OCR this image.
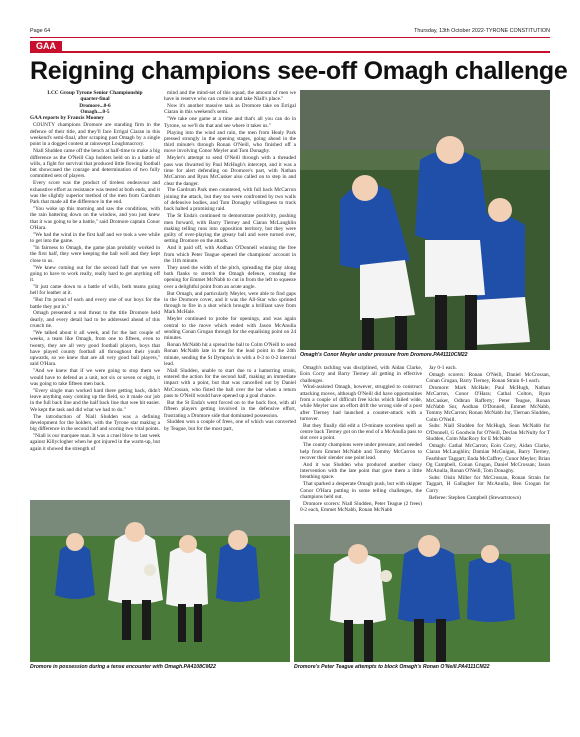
Page 64	Thursday, 13th October 2022-TYRONE CONSTITUTION
GAA
Reigning champions see-off Omagh challenge

LCC Group Tyrone Senior Championship

quarter-final

Dromore...0-6

Omagh....0-5

GAA reports by Francis Mooney

COUNTY champions Dromore are standing firm in the defence of their title, and they'll face Errigal Ciaran in this weekend's semi-final, after scraping past Omagh by a single point in a dogged contest at rainswept Loughmacrory.

Niall Sludden came off the bench at half-time to make a big difference as the O'Neill Cup holders held on in a battle of wills, a fight for survival that produced little flowing football but showcased the courage and determination of two fully committed sets of players.

Every score was the product of tireless endeavour and exhaustive effort as resistance was tested at both ends, and it was the slightly superior method of the men from Gardrum Park that made all the difference in the end.

"You woke up this morning and saw the conditions, with the rain battering down on the window, and you just knew that it was going to be a battle," said Dromore captain Conor O'Hara.

"We had the wind in the first half and we took a wee while to get into the game.

"In fairness to Omagh, the game plan probably worked in the first half, they were keeping the ball well and they kept close to us.

"We knew coming out for the second half that we were going to have to work really, really hard to get anything off it.

"It just came down to a battle of wills, both teams going hell for leather at it.

"But I'm proud of each and every one of our boys for the battle they put in."

Omagh presented a real threat to the title Dromore held dearly, and every detail had to be addressed ahead of this crunch tie.

"We talked about it all week, and for the last couple of weeks, a team like Omagh, from one to fifteen, even to twenty, they are all very good football players, boys that have played county football all throughout their youth upwards, so we knew that are all very good ball players," said O'Hara.

"And we knew that if we were going to stop them we would have to defend as a unit, not six or seven or eight, it was going to take fifteen men back.

"Every single man worked hard there getting back, didn't leave anything easy coming up the field, so it made our job in the full back line and the half back line that wee bit easier. We kept the task and did what we had to do."

The introduction of Niall Sludden was a defining development for the holders, with the Tyrone star making a big difference in the second half and scoring two vital points.

"Niall is our marquee man. It was a cruel blow to last week against Killyclogher when he got injured in the warm-up, but again it showed the strength of

mind and the mind-set of this squad, the amount of men we have in reserve who can come in and take Niall's place."

Now it's another massive task as Dromore take on Errigal Ciaran in this weekend's semi.

"We take one game at a time and that's all you can do in Tyrone, so we'll do that and see where it takes us."

Playing into the wind and rain, the men from Healy Park pressed strongly in the opening stages, going ahead in the third minute's through Ronan O'Neill, who finished off a move involving Conor Meyler and Tom Donaghy.

Meyler's attempt to send O'Neill through with a threaded pass was thwarted by Paul McHugh's intercept, and it was a time for alert defending on Dromore's part, with Nathan McCarron and Ryan McCusker also called on to step in and clear the danger.

The Gardrum Park men countered, with full back McCarron joining the attack, but they too were confronted by two walls of defensive bodies, and Tom Donaghy willingness to track back halted a promising raid.

The St Enda's continued to demonstrate positivity, pushing men forward, with Barry Tierney and Ciaran McLaughlin making telling runs into opposition territory, but they were guilty of over-playing the greasy ball and were turned over, setting Dromore on the attack.

And it paid off, with Aodhan O'Donnell winning the free from which Peter Teague opened the champions' account in the 11th minute.

They used the width of the pitch, spreading the play along both flanks to stretch the Omagh defence, creating the opening for Emmet McNabb to cut in from the left to squeeze over a delightful point from an acute angle.

But Omagh, and particularly Meyler, were able to find gaps in the Dromore cover, and it was the All-Star who sprinted through to fire in a shot which brought a brilliant save from Mark McHale.

Meyler continued to probe for openings, and was again central to the move which ended with Jason McAnulla sending Conan Grugan through for the equalising point on 24 minutes.

Ronan McNabb hit a spread the ball to Colm O'Neill to send Ronan McNabb late in the for the lead point in the 24th minute, sending the St Dympna's in with a 0-3 to 0-2 interval lead.

Niall Sludden, unable to start due to a hamstring strain, entered the action for the second half, making an immediate impact with a point, but that was cancelled out by Daniel McCrossan, who fisted the ball over the bar when a return pass to O'Neill would have opened up a goal chance.

But the St Enda's went forced on to the back foot, with all fifteen players getting involved in the defensive effort, frustrating a Dromore side that dominated possession.

Sludden won a couple of frees, one of which was converted by Teague, but for the most part,

Omagh's tackling was disciplined, with Aidan Clarke, Eoin Corry and Barry Tierney all getting in effective challenges.

Wind-assisted Omagh, however, struggled to construct attacking moves, although O'Neill did have opportunities from a couple of difficult free kicks which failed wide, while Meyler saw an effort drift the wrong side of a post after Tierney had launched a counter-attack with a turnover.

But they finally did edit a 19-minute scoreless spell as centre back Tierney got on the end of a McAnulla pass to slot over a point.

The county champions were under pressure, and needed help from Emmet McNabb and Tommy McCarron to recover their slender one point lead.

And it was Sludden who produced another classy intervention with the late point that gave them a little breathing space.

That sparked a desperate Omagh push, but with skipper Conor O'Hara putting in some telling challenges, the champions held out.

Dromore scorers: Niall Sludden, Peter Teague (2 frees) 0-2 each, Emmet McNabb, Ronan McNabb

Jay 0-1 each.

Omagh scorers: Ronan O'Neill, Daniel McCrossan, Conan Grugan, Barry Tierney, Ronan Strain 0-1 each.

Dromore: Mark McHale; Paul McHugh, Nathan McCarron, Conor O'Hara; Cathal Colton, Ryan McCusker, Odhran Rafferty; Peter Teague, Ronan McNabb Snr, Aodhan O'Donnell, Emmet McNabb, Tommy McCarron; Ronan McNabb Jnr, Tiernan Sludden, Colm O'Neill.

Subs: Niall Sludden for McHugh, Sean McNabb for O'Donnell, G Goodwin for O'Neill, Declan McNulty for T Sludden, Colm MacRory for E McNabb

Omagh: Cathal McCarron; Eoin Corry, Aidan Clarke, Ciaran McLaughlin; Damian McGuigan, Barry Tierney, Fearbhurr Taggart; Enda McCaffrey, Conor Meyler; Brian Og Campbell, Conan Grugan, Daniel McCrossan; Jason McAnulla, Ronan O'Neill, Tom Donaghy.

Subs: Oisin Miller for McCrossan, Ronan Strain for Taggart, H Gallagher for McAnulla, Ben Grogan for Corry

Referee: Stephen Campbell (Stewartstown)

Omagh's Conor Meyler under pressure from Dromore.PA41110CM22
Dromore in possession during a tense encounter with Omagh.PA4108CM22	Dromore's Peter Teague attempts to block Omagh's Ronan O'Neill.PA4111CM22
